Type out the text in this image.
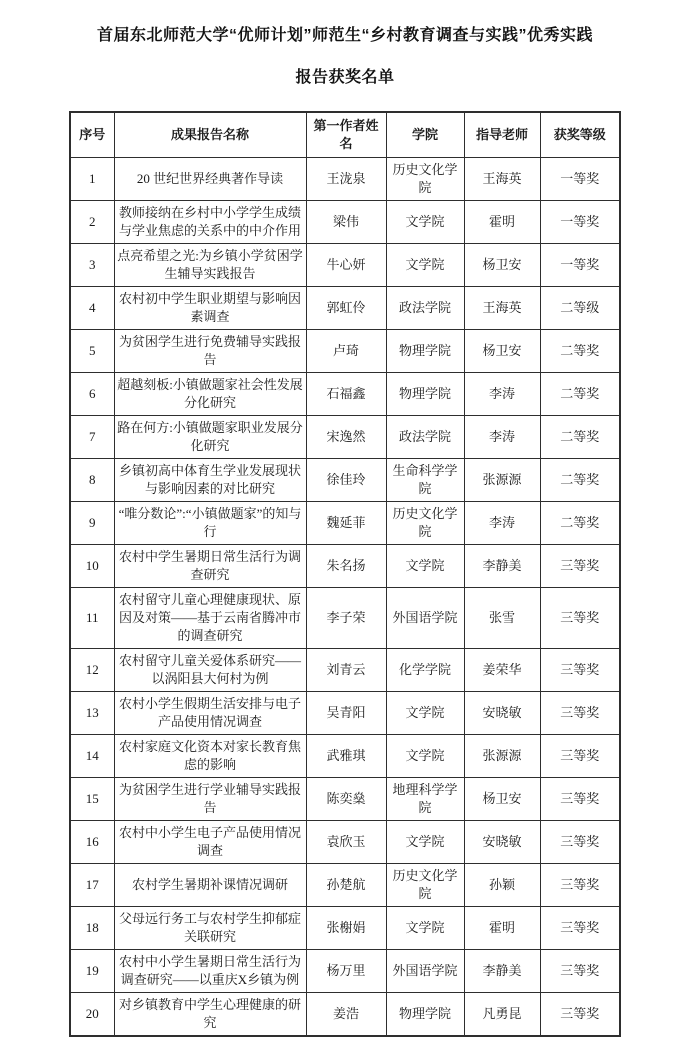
首届东北师范大学“优师计划”师范生“乡村教育调查与实践”优秀实践
报告获奖名单
序号	成果报告名称	第一作者姓名	学院	指导老师	获奖等级
1	20 世纪世界经典著作导读	王泷泉	历史文化学院	王海英	一等奖
2	教师接纳在乡村中小学学生成绩与学业焦虑的关系中的中介作用	梁伟	文学院	霍明	一等奖
3	点亮希望之光:为乡镇小学贫困学生辅导实践报告	牛心妍	文学院	杨卫安	一等奖
4	农村初中学生职业期望与影响因素调查	郭虹伶	政法学院	王海英	二等级
5	为贫困学生进行免费辅导实践报告	卢琦	物理学院	杨卫安	二等奖
6	超越刻板:小镇做题家社会性发展分化研究	石福鑫	物理学院	李涛	二等奖
7	路在何方:小镇做题家职业发展分化研究	宋逸然	政法学院	李涛	二等奖
8	乡镇初高中体育生学业发展现状与影响因素的对比研究	徐佳玲	生命科学学院	张源源	二等奖
9	“唯分数论”:“小镇做题家”的知与行	魏延菲	历史文化学院	李涛	二等奖
10	农村中学生暑期日常生活行为调查研究	朱名扬	文学院	李静美	三等奖
11	农村留守儿童心理健康现状、原因及对策——基于云南省腾冲市的调查研究	李子荣	外国语学院	张雪	三等奖
12	农村留守儿童关爱体系研究——以涡阳县大何村为例	刘青云	化学学院	姜荣华	三等奖
13	农村小学生假期生活安排与电子产品使用情况调查	吴青阳	文学院	安晓敏	三等奖
14	农村家庭文化资本对家长教育焦虑的影响	武雅琪	文学院	张源源	三等奖
15	为贫困学生进行学业辅导实践报告	陈奕燊	地理科学学院	杨卫安	三等奖
16	农村中小学生电子产品使用情况调查	袁欣玉	文学院	安晓敏	三等奖
17	农村学生暑期补课情况调研	孙楚航	历史文化学院	孙颖	三等奖
18	父母远行务工与农村学生抑郁症关联研究	张榭娟	文学院	霍明	三等奖
19	农村中小学生暑期日常生活行为调查研究——以重庆X乡镇为例	杨万里	外国语学院	李静美	三等奖
20	对乡镇教育中学生心理健康的研究	姜浩	物理学院	凡勇昆	三等奖
